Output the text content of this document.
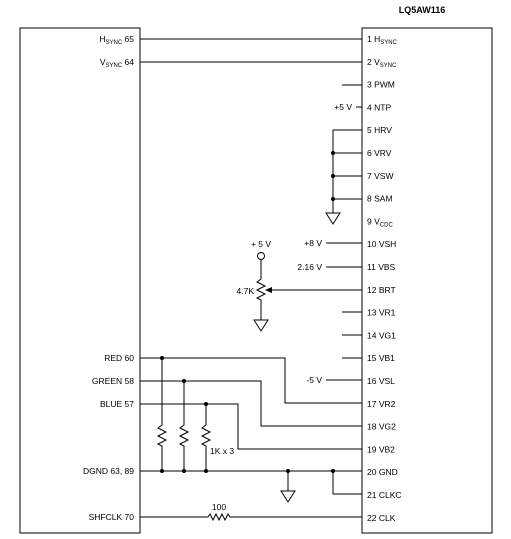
LQ5AW116
$H_{SYNC}$ 65
$V_{SYNC}$ 64
RED 60
GREEN 58
BLUE 57
DGND 63, 89
SHFCLK 70
1 $H_{SYNC}$
2 $V_{SYNC}$
3 PWM
4 NTP
5 HRV
6 VRV
7 VSW
8 SAM
9 $V_{CDC}$
10 VSH
11 VBS
12 BRT
13 VR1
14 VG1
15 VB1
16 VSL
17 VR2
18 VG2
19 VB2
20 GND
21 CLKC
22 CLK
+5 V
+8 V
2.16 V
-5 V
+ 5 V
4.7K
1K x 3
100
